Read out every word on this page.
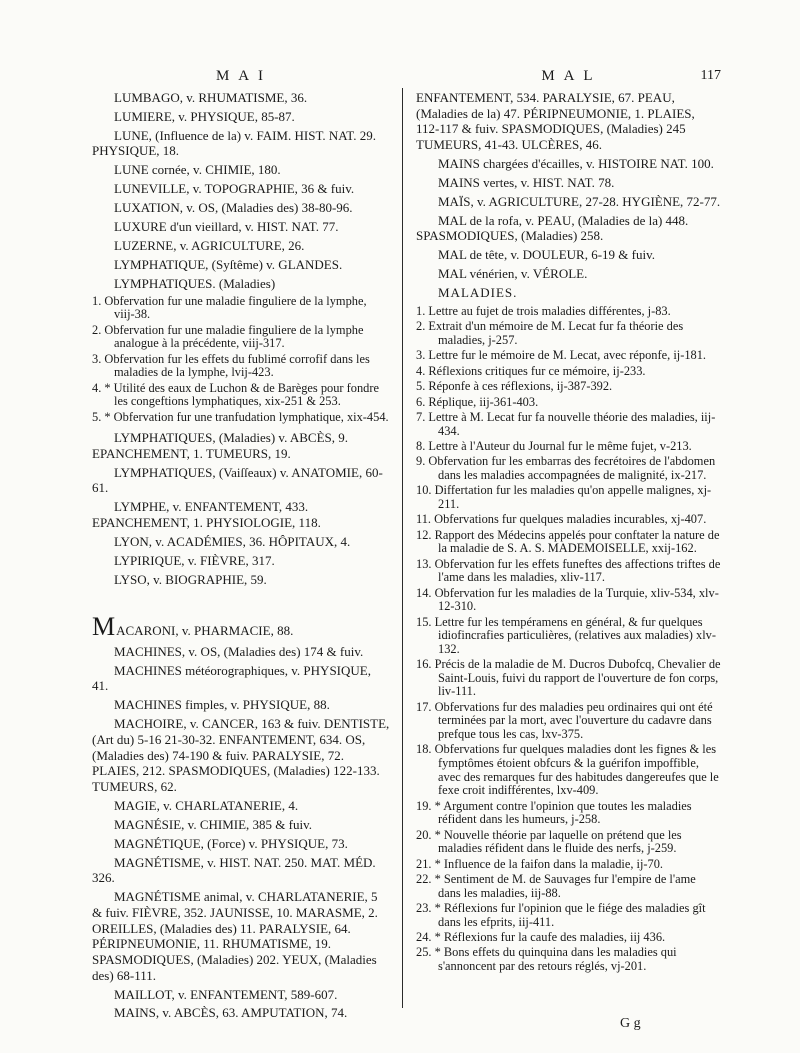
M A I

LUMBAGO, v. RHUMATISME, 36.

LUMIERE, v. PHYSIQUE, 85-87.

LUNE, (Influence de la) v. FAIM. HIST. NAT. 29. PHYSIQUE, 18.

LUNE cornée, v. CHIMIE, 180.

LUNEVILLE, v. TOPOGRAPHIE, 36 & fuiv.

LUXATION, v. OS, (Maladies des) 38-80-96.

LUXURE d'un vieillard, v. HIST. NAT. 77.

LUZERNE, v. AGRICULTURE, 26.

LYMPHATIQUE, (Syſtême) v. GLANDES.

LYMPHATIQUES. (Maladies)

1. Obfervation fur une maladie finguliere de la lymphe, viij-38.

2. Obfervation fur une maladie finguliere de la lymphe analogue à la précédente, viij-317.

3. Obfervation fur les effets du fublimé corrofif dans les maladies de la lymphe, lvij-423.

4. * Utilité des eaux de Luchon & de Barèges pour fondre les congeftions lymphatiques, xix-251 & 253.

5. * Obfervation fur une tranfudation lymphatique, xix-454.

LYMPHATIQUES, (Maladies) v. ABCÈS, 9. EPANCHEMENT, 1. TUMEURS, 19.

LYMPHATIQUES, (Vaiſſeaux) v. ANATOMIE, 60-61.

LYMPHE, v. ENFANTEMENT, 433. EPANCHEMENT, 1. PHYSIOLOGIE, 118.

LYON, v. ACADÉMIES, 36. HÔPITAUX, 4.

LYPIRIQUE, v. FIÈVRE, 317.

LYSO, v. BIOGRAPHIE, 59.

MACARONI, v. PHARMACIE, 88.

MACHINES, v. OS, (Maladies des) 174 & fuiv.

MACHINES météorographiques, v. PHYSIQUE, 41.

MACHINES fimples, v. PHYSIQUE, 88.

MACHOIRE, v. CANCER, 163 & fuiv. DENTISTE, (Art du) 5-16 21-30-32. ENFANTEMENT, 634. OS, (Maladies des) 74-190 & fuiv. PARALYSIE, 72. PLAIES, 212. SPASMODIQUES, (Maladies) 122-133. TUMEURS, 62.

MAGIE, v. CHARLATANERIE, 4.

MAGNÉSIE, v. CHIMIE, 385 & fuiv.

MAGNÉTIQUE, (Force) v. PHYSIQUE, 73.

MAGNÉTISME, v. HIST. NAT. 250. MAT. MÉD. 326.

MAGNÉTISME animal, v. CHARLATANERIE, 5 & fuiv. FIÈVRE, 352. JAUNISSE, 10. MARASME, 2. OREILLES, (Maladies des) 11. PARALYSIE, 64. PÉRIPNEUMONIE, 11. RHUMATISME, 19. SPASMODIQUES, (Maladies) 202. YEUX, (Maladies des) 68-111.

MAILLOT, v. ENFANTEMENT, 589-607.

MAINS, v. ABCÈS, 63. AMPUTATION, 74.

M A L	117

ENFANTEMENT, 534. PARALYSIE, 67. PEAU, (Maladies de la) 47. PÉRIPNEUMONIE, 1. PLAIES, 112-117 & fuiv. SPASMODIQUES, (Maladies) 245 TUMEURS, 41-43. ULCÈRES, 46.

MAINS chargées d'écailles, v. HISTOIRE NAT. 100.

MAINS vertes, v. HIST. NAT. 78.

MAÏS, v. AGRICULTURE, 27-28. HYGIÈNE, 72-77.

MAL de la rofa, v. PEAU, (Maladies de la) 448. SPASMODIQUES, (Maladies) 258.

MAL de tête, v. DOULEUR, 6-19 & fuiv.

MAL vénérien, v. VÉROLE.

MALADIES.

1. Lettre au fujet de trois maladies différentes, j-83.

2. Extrait d'un mémoire de M. Lecat fur fa théorie des maladies, j-257.

3. Lettre fur le mémoire de M. Lecat, avec réponfe, ij-181.

4. Réflexions critiques fur ce mémoire, ij-233.

5. Réponfe à ces réflexions, ij-387-392.

6. Réplique, iij-361-403.

7. Lettre à M. Lecat fur fa nouvelle théorie des maladies, iij-434.

8. Lettre à l'Auteur du Journal fur le même fujet, v-213.

9. Obfervation fur les embarras des fecrétoires de l'abdomen dans les maladies accompagnées de malignité, ix-217.

10. Differtation fur les maladies qu'on appelle malignes, xj-211.

11. Obfervations fur quelques maladies incurables, xj-407.

12. Rapport des Médecins appelés pour conftater la nature de la maladie de S. A. S. MADEMOISELLE, xxij-162.

13. Obfervation fur les effets funeftes des affections triftes de l'ame dans les maladies, xliv-117.

14. Obfervation fur les maladies de la Turquie, xliv-534, xlv-12-310.

15. Lettre fur les tempéramens en général, & fur quelques idiofincrafies particulières, (relatives aux maladies) xlv-132.

16. Précis de la maladie de M. Ducros Dubofcq, Chevalier de Saint-Louis, fuivi du rapport de l'ouverture de fon corps, liv-111.

17. Obfervations fur des maladies peu ordinaires qui ont été terminées par la mort, avec l'ouverture du cadavre dans prefque tous les cas, lxv-375.

18. Obfervations fur quelques maladies dont les fignes & les fymptômes étoient obfcurs & la guérifon impoffible, avec des remarques fur des habitudes dangereufes que le fexe croit indifférentes, lxv-409.

19. * Argument contre l'opinion que toutes les maladies réfident dans les humeurs, j-258.

20. * Nouvelle théorie par laquelle on prétend que les maladies réfident dans le fluide des nerfs, j-259.

21. * Influence de la faifon dans la maladie, ij-70.

22. * Sentiment de M. de Sauvages fur l'empire de l'ame dans les maladies, iij-88.

23. * Réflexions fur l'opinion que le fiége des maladies gît dans les efprits, iij-411.

24. * Réflexions fur la caufe des maladies, iij 436.

25. * Bons effets du quinquina dans les maladies qui s'annoncent par des retours réglés, vj-201.

G g
